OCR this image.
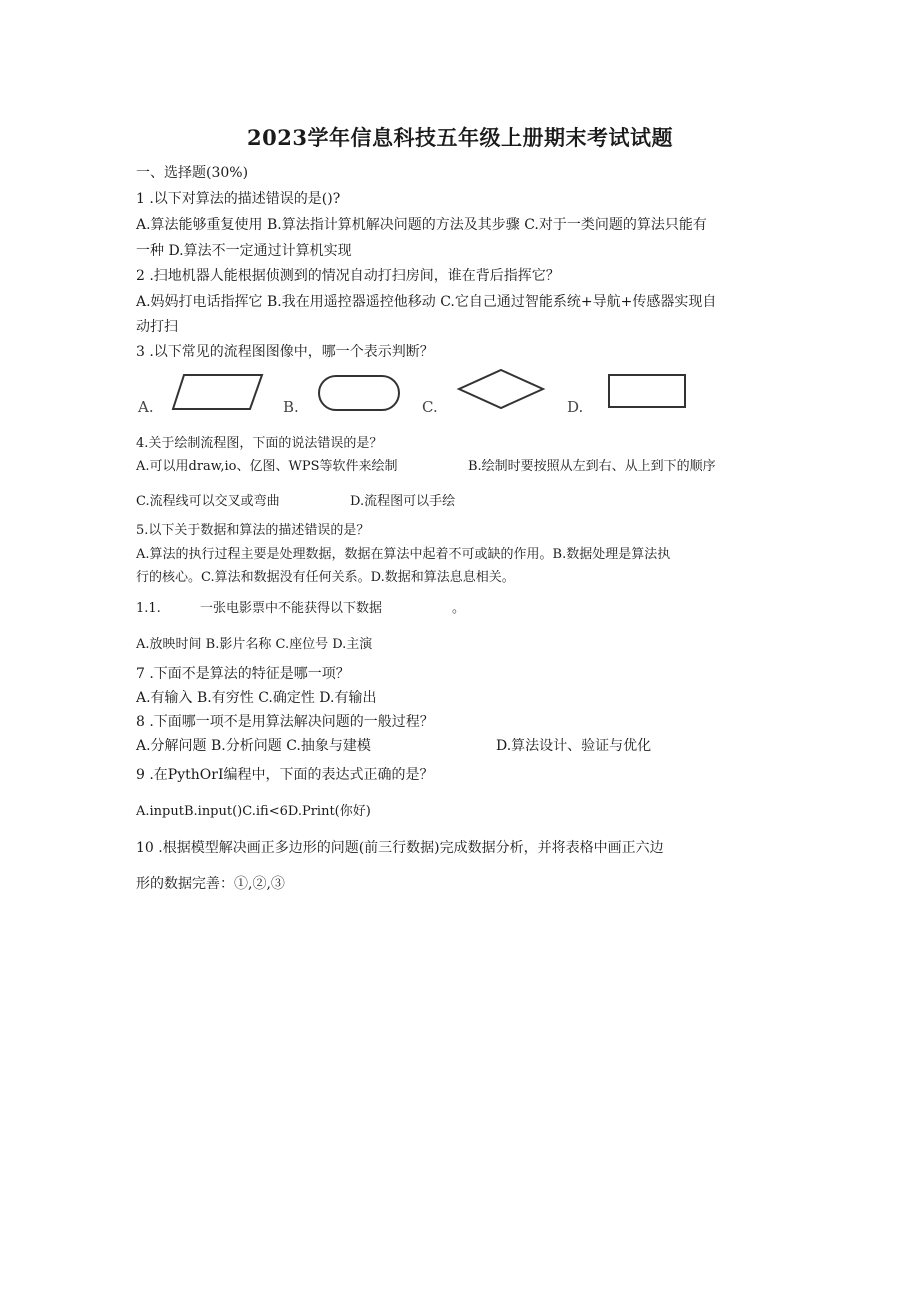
2023学年信息科技五年级上册期末考试试题
一、选择题(30%)
1 .以下对算法的描述错误的是()?
A.算法能够重复使用 B.算法指计算机解决问题的方法及其步骤 C.对于一类问题的算法只能有
一种 D.算法不一定通过计算机实现
2 .扫地机器人能根据侦测到的情况自动打扫房间，谁在背后指挥它？
A.妈妈打电话指挥它 B.我在用遥控器遥控他移动 C.它自己通过智能系统+导航+传感器实现自
动打扫
3 .以下常见的流程图图像中，哪一个表示判断？
A.	B.	C.	D.
4.关于绘制流程图，下面的说法错误的是？
A.可以用draw,io、亿图、WPS等软件来绘制	B.绘制时要按照从左到右、从上到下的顺序
C.流程线可以交叉或弯曲	D.流程图可以手绘
5.以下关于数据和算法的描述错误的是？
A.算法的执行过程主要是处理数据，数据在算法中起着不可或缺的作用。B.数据处理是算法执
行的核心。C.算法和数据没有任何关系。D.数据和算法息息相关。
1.1.	一张电影票中不能获得以下数据	。
A.放映时间 B.影片名称 C.座位号 D.主演
7 .下面不是算法的特征是哪一项？
A.有输入 B.有穷性 C.确定性 D.有输出
8 .下面哪一项不是用算法解决问题的一般过程？
A.分解问题 B.分析问题 C.抽象与建模	D.算法设计、验证与优化
9 .在PythOrI编程中，下面的表达式正确的是？
A.inputB.input()C.ifi<6D.Print(你好)
10 .根据模型解决画正多边形的问题(前三行数据)完成数据分析，并将表格中画正六边
形的数据完善：①,②,③
